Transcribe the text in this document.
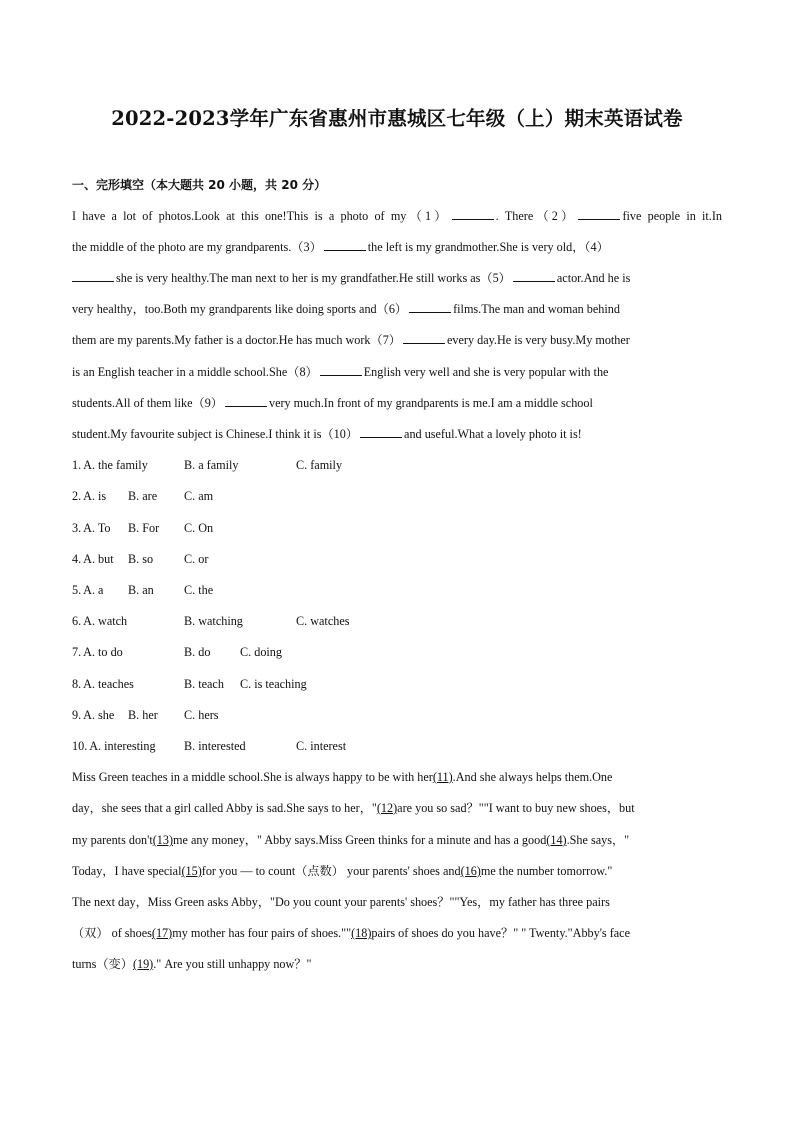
2022-2023学年广东省惠州市惠城区七年级（上）期末英语试卷
一、完形填空（本大题共 20 小题，共 20 分）
I have a lot of photos.Look at this one!This is a photo of my（1）	. There（2）	five people in it.In
the middle of the photo are my grandparents.（3）	the left is my grandmother.She is very old，（4）
she is very healthy.The man next to her is my grandfather.He still works as（5）	actor.And he is
very healthy，too.Both my grandparents like doing sports and（6）	films.The man and woman behind
them are my parents.My father is a doctor.He has much work（7）	every day.He is very busy.My mother
is an English teacher in a middle school.She（8）	English very well and she is very popular with the
students.All of them like（9）	very much.In front of my grandparents is me.I am a middle school
student.My favourite subject is Chinese.I think it is（10）	and useful.What a lovely photo it is!
1. A. the family	B. a family	C. family
2. A. is B. are C. am
3. A. To B. For C. On
4. A. but B. so	C. or
5. A. a B. an C. the
6. A. watch	B. watching	C. watches
7. A. to do	B. do C. doing
8. A. teaches	B. teach C. is teaching
9. A. she B. her C. hers
10. A. interesting B. interested	C. interest
Miss Green teaches in a middle school.She is always happy to be with her(11).And she always helps them.One
day，she sees that a girl called Abby is sad.She says to her，"(12)are you so sad？""I want to buy new shoes，but
my parents don't(13)me any money，" Abby says.Miss Green thinks for a minute and has a good(14).She says，"
Today，I have special(15)for you — to count（点数） your parents' shoes and(16)me the number tomorrow."
The next day，Miss Green asks Abby，"Do you count your parents' shoes？""Yes，my father has three pairs
（双） of shoes(17)my mother has four pairs of shoes.""(18)pairs of shoes do you have？" " Twenty."Abby's face
turns（变）(19)." Are you still unhappy now？"
